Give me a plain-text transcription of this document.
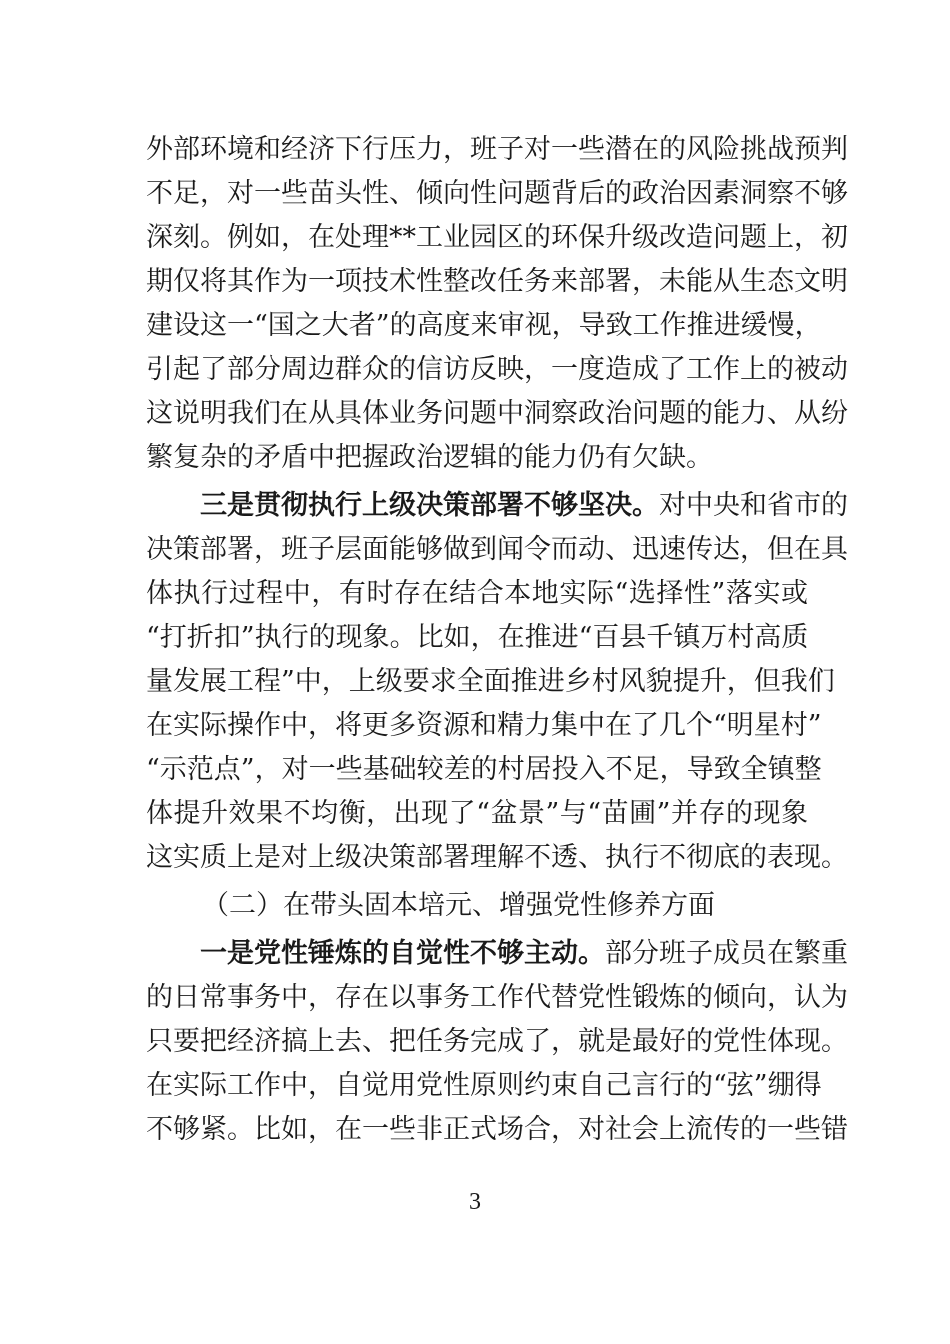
外部环境和经济下行压力，班子对一些潜在的风险挑战预判
不足，对一些苗头性、倾向性问题背后的政治因素洞察不够
深刻。例如，在处理**工业园区的环保升级改造问题上，初
期仅将其作为一项技术性整改任务来部署，未能从生态文明
建设这一“国之大者”的高度来审视，导致工作推进缓慢，
引起了部分周边群众的信访反映，一度造成了工作上的被动
这说明我们在从具体业务问题中洞察政治问题的能力、从纷
繁复杂的矛盾中把握政治逻辑的能力仍有欠缺。
三是贯彻执行上级决策部署不够坚决。对中央和省市的
决策部署，班子层面能够做到闻令而动、迅速传达，但在具
体执行过程中，有时存在结合本地实际“选择性”落实或
“打折扣”执行的现象。比如，在推进“百县千镇万村高质
量发展工程”中，上级要求全面推进乡村风貌提升，但我们
在实际操作中，将更多资源和精力集中在了几个“明星村”
“示范点”，对一些基础较差的村居投入不足，导致全镇整
体提升效果不均衡，出现了“盆景”与“苗圃”并存的现象
这实质上是对上级决策部署理解不透、执行不彻底的表现。
（二）在带头固本培元、增强党性修养方面
一是党性锤炼的自觉性不够主动。部分班子成员在繁重
的日常事务中，存在以事务工作代替党性锻炼的倾向，认为
只要把经济搞上去、把任务完成了，就是最好的党性体现。
在实际工作中，自觉用党性原则约束自己言行的“弦”绷得
不够紧。比如，在一些非正式场合，对社会上流传的一些错
3
